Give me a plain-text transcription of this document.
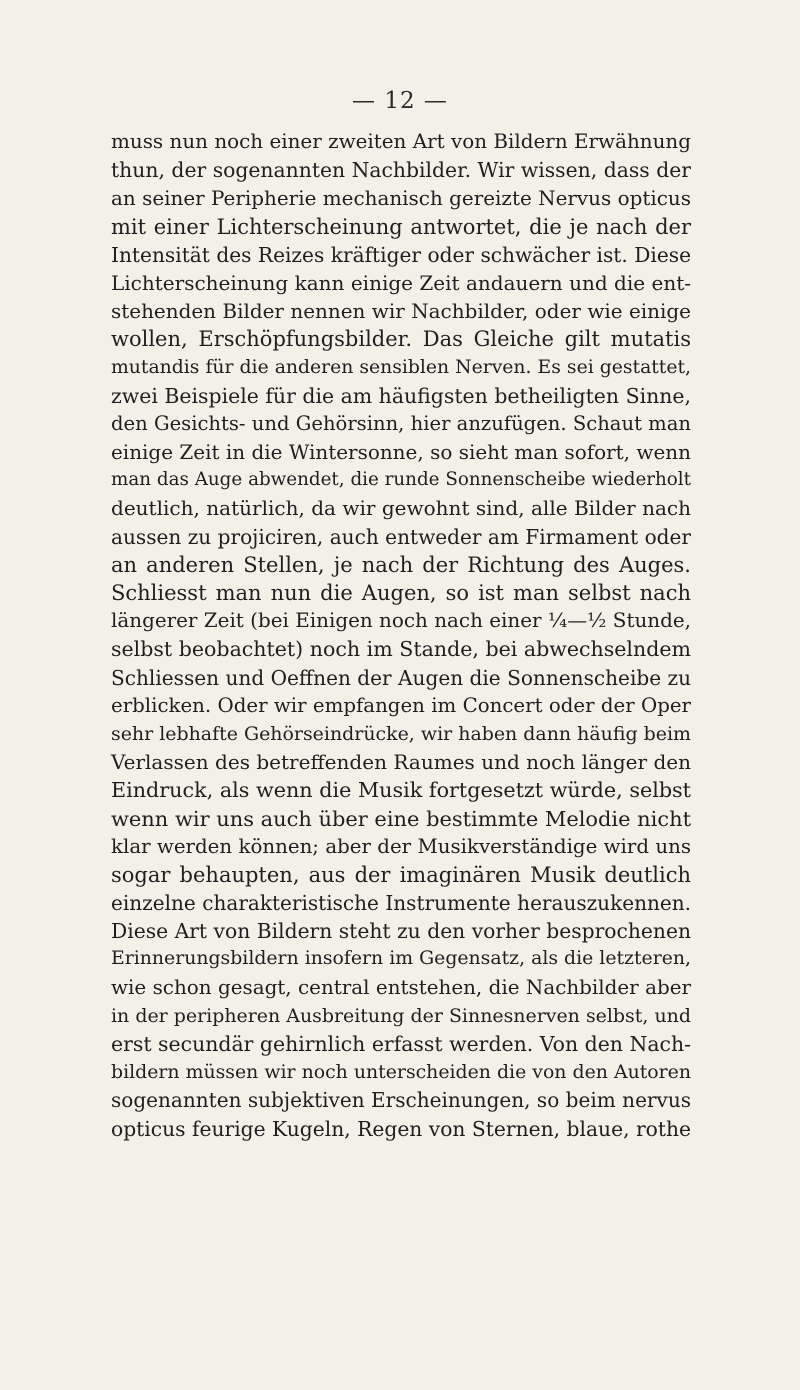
— 12 —
muss nun noch einer zweiten Art von Bildern Erwähnung
thun, der sogenannten Nachbilder. Wir wissen, dass der
an seiner Peripherie mechanisch gereizte Nervus opticus
mit einer Lichterscheinung antwortet, die je nach der
Intensität des Reizes kräftiger oder schwächer ist. Diese
Lichterscheinung kann einige Zeit andauern und die ent-
stehenden Bilder nennen wir Nachbilder, oder wie einige
wollen, Erschöpfungsbilder. Das Gleiche gilt mutatis
mutandis für die anderen sensiblen Nerven. Es sei gestattet,
zwei Beispiele für die am häufigsten betheiligten Sinne,
den Gesichts- und Gehörsinn, hier anzufügen. Schaut man
einige Zeit in die Wintersonne, so sieht man sofort, wenn
man das Auge abwendet, die runde Sonnenscheibe wiederholt
deutlich, natürlich, da wir gewohnt sind, alle Bilder nach
aussen zu projiciren, auch entweder am Firmament oder
an anderen Stellen, je nach der Richtung des Auges.
Schliesst man nun die Augen, so ist man selbst nach
längerer Zeit (bei Einigen noch nach einer ¼—½ Stunde,
selbst beobachtet) noch im Stande, bei abwechselndem
Schliessen und Oeffnen der Augen die Sonnenscheibe zu
erblicken. Oder wir empfangen im Concert oder der Oper
sehr lebhafte Gehörseindrücke, wir haben dann häufig beim
Verlassen des betreffenden Raumes und noch länger den
Eindruck, als wenn die Musik fortgesetzt würde, selbst
wenn wir uns auch über eine bestimmte Melodie nicht
klar werden können; aber der Musikverständige wird uns
sogar behaupten, aus der imaginären Musik deutlich
einzelne charakteristische Instrumente herauszukennen.
Diese Art von Bildern steht zu den vorher besprochenen
Erinnerungsbildern insofern im Gegensatz, als die letzteren,
wie schon gesagt, central entstehen, die Nachbilder aber
in der peripheren Ausbreitung der Sinnesnerven selbst, und
erst secundär gehirnlich erfasst werden. Von den Nach-
bildern müssen wir noch unterscheiden die von den Autoren
sogenannten subjektiven Erscheinungen, so beim nervus
opticus feurige Kugeln, Regen von Sternen, blaue, rothe
